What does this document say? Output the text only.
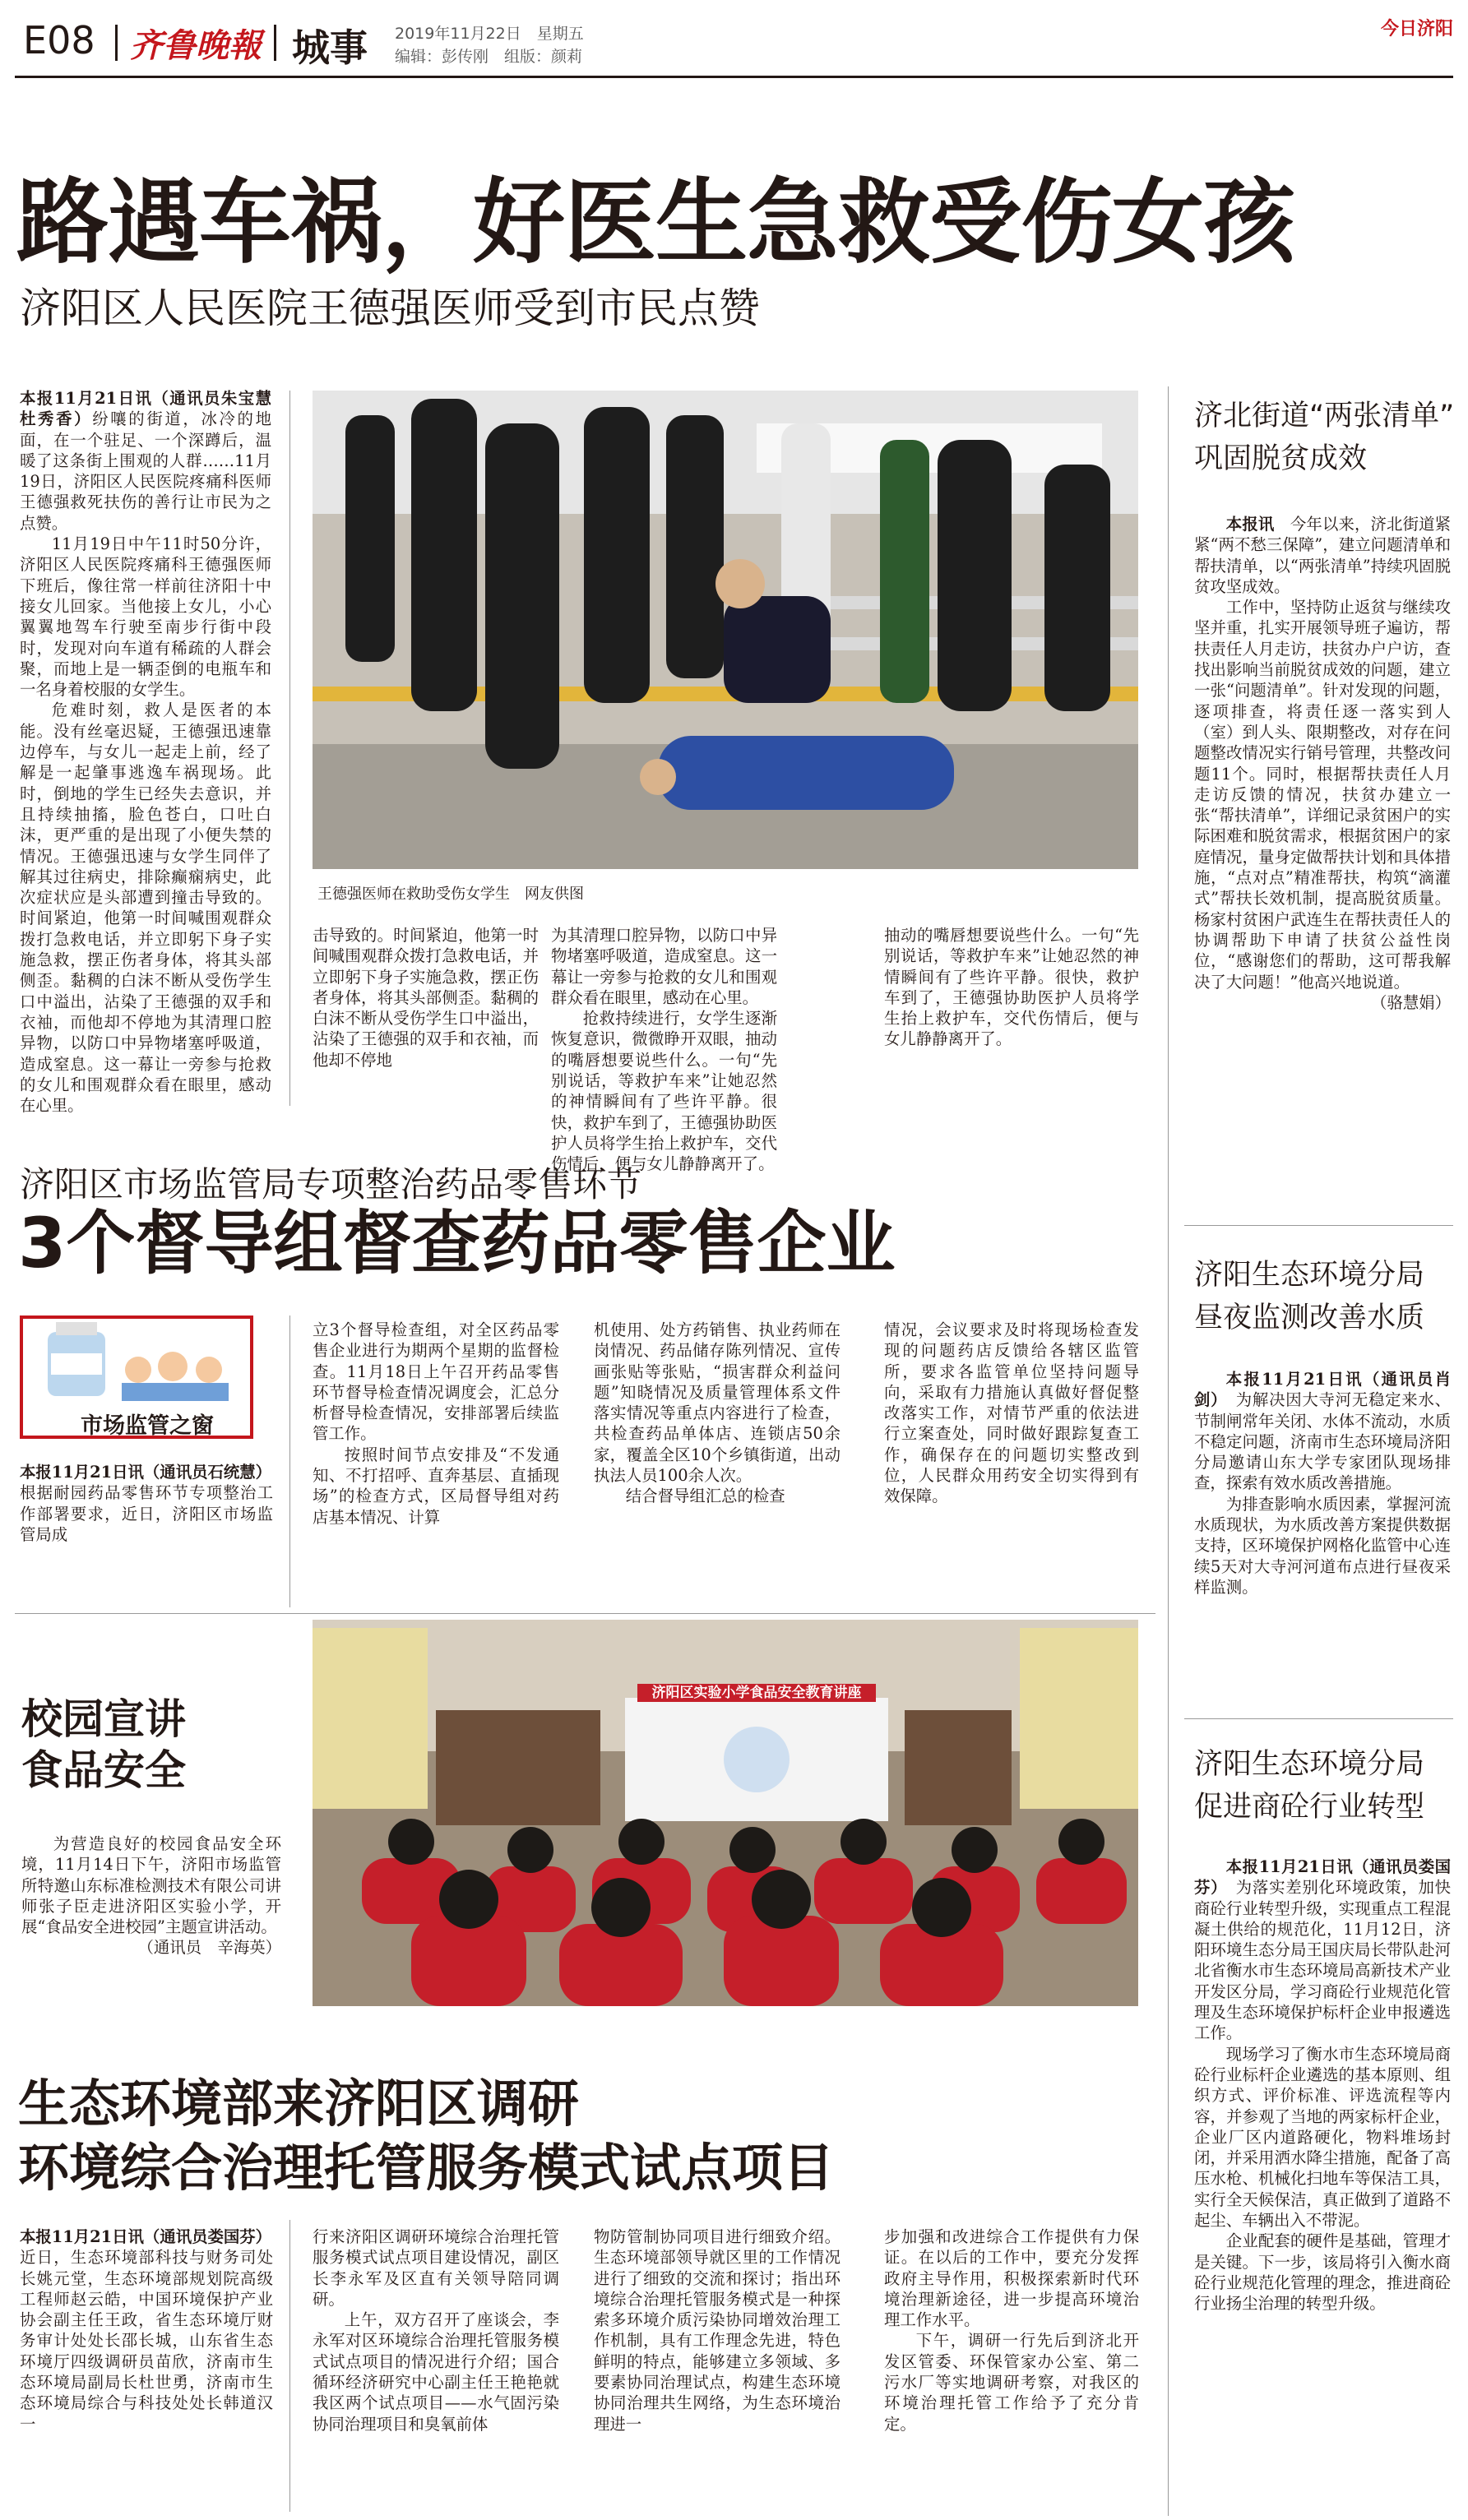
E08 齐鲁晚報 城事 2019年11月22日　星期五
编辑：彭传刚　组版：颜莉
今日济阳
路遇车祸，好医生急救受伤女孩
济阳区人民医院王德强医师受到市民点赞

本报11月21日讯（通讯员朱宝慧　杜秀香）纷嚷的街道，冰冷的地面，在一个驻足、一个深蹲后，温暖了这条街上围观的人群……11月19日，济阳区人民医院疼痛科医师王德强救死扶伤的善行让市民为之点赞。

11月19日中午11时50分许，济阳区人民医院疼痛科王德强医师下班后，像往常一样前往济阳十中接女儿回家。当他接上女儿，小心翼翼地驾车行驶至南步行街中段时，发现对向车道有稀疏的人群会聚，而地上是一辆歪倒的电瓶车和一名身着校服的女学生。

危难时刻，救人是医者的本能。没有丝毫迟疑，王德强迅速靠边停车，与女儿一起走上前，经了解是一起肇事逃逸车祸现场。此时，倒地的学生已经失去意识，并且持续抽搐，脸色苍白，口吐白沫，更严重的是出现了小便失禁的情况。王德强迅速与女学生同伴了解其过往病史，排除癫痫病史，此次症状应是头部遭到撞击导致的。时间紧迫，他第一时间喊围观群众拨打急救电话，并立即躬下身子实施急救，摆正伤者身体，将其头部侧歪。黏稠的白沫不断从受伤学生口中溢出，沾染了王德强的双手和衣袖，而他却不停地为其清理口腔异物，以防口中异物堵塞呼吸道，造成窒息。这一幕让一旁参与抢救的女儿和围观群众看在眼里，感动在心里。

王德强医师在救助受伤女学生　网友供图

击导致的。时间紧迫，他第一时间喊围观群众拨打急救电话，并立即躬下身子实施急救，摆正伤者身体，将其头部侧歪。黏稠的白沫不断从受伤学生口中溢出，沾染了王德强的双手和衣袖，而他却不停地

为其清理口腔异物，以防口中异物堵塞呼吸道，造成窒息。这一幕让一旁参与抢救的女儿和围观群众看在眼里，感动在心里。

抢救持续进行，女学生逐渐恢复意识，微微睁开双眼，抽动的嘴唇想要说些什么。一句“先别说话，等救护车来”让她忍然的神情瞬间有了些许平静。很快，救护车到了，王德强协助医护人员将学生抬上救护车，交代伤情后，便与女儿静静离开了。

抽动的嘴唇想要说些什么。一句“先别说话，等救护车来”让她忍然的神情瞬间有了些许平静。很快，救护车到了，王德强协助医护人员将学生抬上救护车，交代伤情后，便与女儿静静离开了。

济北街道“两张清单”
巩固脱贫成效

本报讯　 今年以来，济北街道紧紧“两不愁三保障”，建立问题清单和帮扶清单，以“两张清单”持续巩固脱贫攻坚成效。

工作中，坚持防止返贫与继续攻坚并重，扎实开展领导班子遍访，帮扶责任人月走访，扶贫办户户访，查找出影响当前脱贫成效的问题，建立一张“问题清单”。针对发现的问题，逐项排查，将责任逐一落实到人（室）到人头、限期整改，对存在问题整改情况实行销号管理，共整改问题11个。同时，根据帮扶责任人月走访反馈的情况，扶贫办建立一张“帮扶清单”，详细记录贫困户的实际困难和脱贫需求，根据贫困户的家庭情况，量身定做帮扶计划和具体措施，“点对点”精准帮扶，构筑“滴灌式”帮扶长效机制，提高脱贫质量。杨家村贫困户武连生在帮扶责任人的协调帮助下申请了扶贫公益性岗位，“感谢您们的帮助，这可帮我解决了大问题！”他高兴地说道。

（骆慧娟）

济阳生态环境分局
昼夜监测改善水质

本报11月21日讯（通讯员肖剑）　 为解决因大寺河无稳定来水、节制闸常年关闭、水体不流动，水质不稳定问题，济南市生态环境局济阳分局邀请山东大学专家团队现场排查，探索有效水质改善措施。

为排查影响水质因素，掌握河流水质现状，为水质改善方案提供数据支持，区环境保护网格化监管中心连续5天对大寺河河道布点进行昼夜采样监测。

济阳生态环境分局
促进商砼行业转型

本报11月21日讯（通讯员娄国芬）　 为落实差别化环境政策，加快商砼行业转型升级，实现重点工程混凝土供给的规范化，11月12日，济阳环境生态分局王国庆局长带队赴河北省衡水市生态环境局高新技术产业开发区分局，学习商砼行业规范化管理及生态环境保护标杆企业申报遴选工作。

现场学习了衡水市生态环境局商砼行业标杆企业遴选的基本原则、组织方式、评价标准、评选流程等内容，并参观了当地的两家标杆企业，企业厂区内道路硬化，物料堆场封闭，并采用洒水降尘措施，配备了高压水枪、机械化扫地车等保洁工具，实行全天候保洁，真正做到了道路不起尘、车辆出入不带泥。

企业配套的硬件是基础，管理才是关键。下一步，该局将引入衡水商砼行业规范化管理的理念，推进商砼行业扬尘治理的转型升级。

济阳区市场监管局专项整治药品零售环节
3个督导组督查药品零售企业
市场监管之窗

本报11月21日讯（通讯员石统慧）　根据耐园药品零售环节专项整治工作部署要求，近日，济阳区市场监管局成

立3个督导检查组，对全区药品零售企业进行为期两个星期的监督检查。11月18日上午召开药品零售环节督导检查情况调度会，汇总分析督导检查情况，安排部署后续监管工作。

按照时间节点安排及“不发通知、不打招呼、直奔基层、直插现场”的检查方式，区局督导组对药店基本情况、计算

机使用、处方药销售、执业药师在岗情况、药品储存陈列情况、宣传画张贴等张贴，“损害群众利益问题”知晓情况及质量管理体系文件落实情况等重点内容进行了检查，共检查药品单体店、连锁店50余家，覆盖全区10个乡镇街道，出动执法人员100余人次。

结合督导组汇总的检查

情况，会议要求及时将现场检查发现的问题药店反馈给各辖区监管所，要求各监管单位坚持问题导向，采取有力措施认真做好督促整改落实工作，对情节严重的依法进行立案查处，同时做好跟踪复查工作，确保存在的问题切实整改到位，人民群众用药安全切实得到有效保障。

校园宣讲
食品安全

为营造良好的校园食品安全环境，11月14日下午，济阳市场监管所特邀山东标准检测技术有限公司讲师张子臣走进济阳区实验小学，开展“食品安全进校园”主题宣讲活动。

（通讯员　辛海英）

济阳区实验小学食品安全教育讲座
生态环境部来济阳区调研
环境综合治理托管服务模式试点项目

本报11月21日讯（通讯员娄国芬）　近日，生态环境部科技与财务司处长姚元堂，生态环境部规划院高级工程师赵云皓，中国环境保护产业协会副主任王政，省生态环境厅财务审计处处长邵长城，山东省生态环境厅四级调研员苗欣，济南市生态环境局副局长杜世勇，济南市生态环境局综合与科技处处长韩道汉一

行来济阳区调研环境综合治理托管服务模式试点项目建设情况，副区长李永军及区直有关领导陪同调研。

上午，双方召开了座谈会，李永军对区环境综合治理托管服务模式试点项目的情况进行介绍；国合循环经济研究中心副主任王艳艳就我区两个试点项目——水气固污染协同治理项目和臭氧前体

物防管制协同项目进行细致介绍。生态环境部领导就区里的工作情况进行了细致的交流和探讨；指出环境综合治理托管服务模式是一种探索多环境介质污染协同增效治理工作机制，具有工作理念先进，特色鲜明的特点，能够建立多领域、多要素协同治理试点，构建生态环境协同治理共生网络，为生态环境治理进一

步加强和改进综合工作提供有力保证。在以后的工作中，要充分发挥政府主导作用，积极探索新时代环境治理新途径，进一步提高环境治理工作水平。

下午，调研一行先后到济北开发区管委、环保管家办公室、第二污水厂等实地调研考察，对我区的环境治理托管工作给予了充分肯定。
